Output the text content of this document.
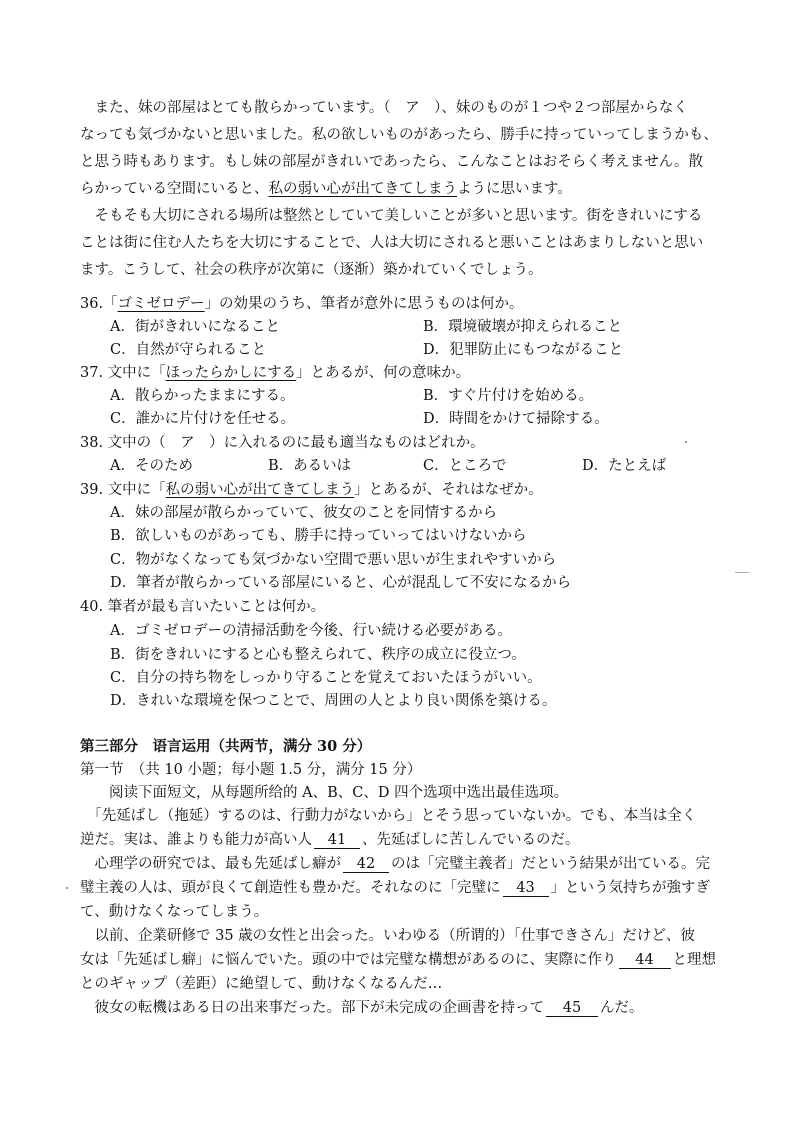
　また、妹の部屋はとても散らかっています。（　ア　）、妹のものが１つや２つ部屋からなく
なっても気づかないと思いました。私の欲しいものがあったら、勝手に持っていってしまうかも、
と思う時もあります。もし妹の部屋がきれいであったら、こんなことはおそらく考えません。散
らかっている空間にいると、私の弱い心が出てきてしまうように思います。
　そもそも大切にされる場所は整然としていて美しいことが多いと思います。街をきれいにする
ことは街に住む人たちを大切にすることで、人は大切にされると悪いことはあまりしないと思い
ます。こうして、社会の秩序が次第に（逐渐）築かれていくでしょう。
36.「ゴミゼロデー」の効果のうち、筆者が意外に思うものは何か。
A．街がきれいになること	B．環境破壊が抑えられること
C．自然が守られること	D．犯罪防止にもつながること
37. 文中に「ほったらかしにする」とあるが、何の意味か。
A．散らかったままにする。	B．すぐ片付けを始める。
C．誰かに片付けを任せる。	D．時間をかけて掃除する。
38. 文中の（　ア　）に入れるのに最も適当なものはどれか。
A．そのため	B．あるいは	C．ところで	D．たとえば
39. 文中に「私の弱い心が出てきてしまう」とあるが、それはなぜか。
A．妹の部屋が散らかっていて、彼女のことを同情するから
B．欲しいものがあっても、勝手に持っていってはいけないから
C．物がなくなっても気づかない空間で悪い思いが生まれやすいから
D．筆者が散らかっている部屋にいると、心が混乱して不安になるから
40. 筆者が最も言いたいことは何か。
A．ゴミゼロデーの清掃活動を今後、行い続ける必要がある。
B．街をきれいにすると心も整えられて、秩序の成立に役立つ。
C．自分の持ち物をしっかり守ることを覚えておいたほうがいい。
D．きれいな環境を保つことで、周囲の人とより良い関係を築ける。
第三部分　语言运用（共两节，满分 30 分）
第一节　（共 10 小题；每小题 1.5 分，满分 15 分）
　　阅读下面短文，从每题所给的 A、B、C、D 四个选项中选出最佳选项。
　「先延ばし（拖延）するのは、行動力がないから」とそう思っていないか。でも、本当は全く
逆だ。実は、誰よりも能力が高い人 41 、先延ばしに苦しんでいるのだ。
　心理学の研究では、最も先延ばし癖が 42 のは「完璧主義者」だという結果が出ている。完
璧主義の人は、頭が良くて創造性も豊かだ。それなのに「完璧に 43 」という気持ちが強すぎ
て、動けなくなってしまう。
　以前、企業研修で 35 歳の女性と出会った。いわゆる（所谓的）「仕事できさん」だけど、彼
女は「先延ばし癖」に悩んでいた。頭の中では完璧な構想があるのに、実際に作り 44 と理想
とのギャップ（差距）に絶望して、動けなくなるんだ…
　彼女の転機はある日の出来事だった。部下が未完成の企画書を持って 45 んだ。
